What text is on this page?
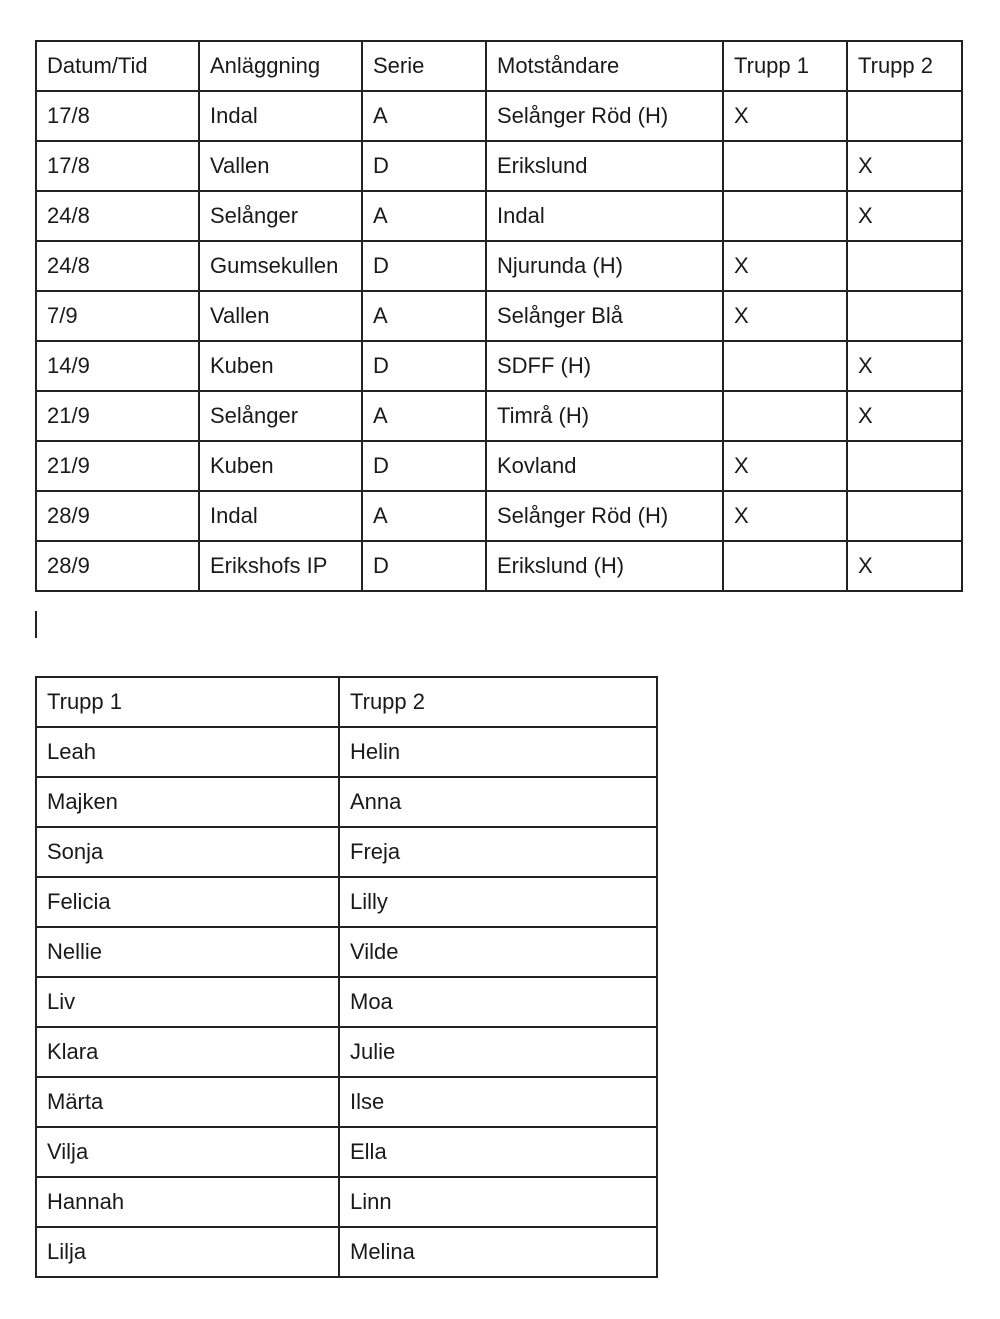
Datum/Tid	Anläggning	Serie	Motståndare	Trupp 1	Trupp 2
17/8	Indal	A	Selånger Röd (H)	X	
17/8	Vallen	D	Erikslund		X
24/8	Selånger	A	Indal		X
24/8	Gumsekullen	D	Njurunda (H)	X	
7/9	Vallen	A	Selånger Blå	X	
14/9	Kuben	D	SDFF (H)		X
21/9	Selånger	A	Timrå (H)		X
21/9	Kuben	D	Kovland	X	
28/9	Indal	A	Selånger Röd (H)	X	
28/9	Erikshofs IP	D	Erikslund (H)		X
Trupp 1	Trupp 2
Leah	Helin
Majken	Anna
Sonja	Freja
Felicia	Lilly
Nellie	Vilde
Liv	Moa
Klara	Julie
Märta	Ilse
Vilja	Ella
Hannah	Linn
Lilja	Melina
